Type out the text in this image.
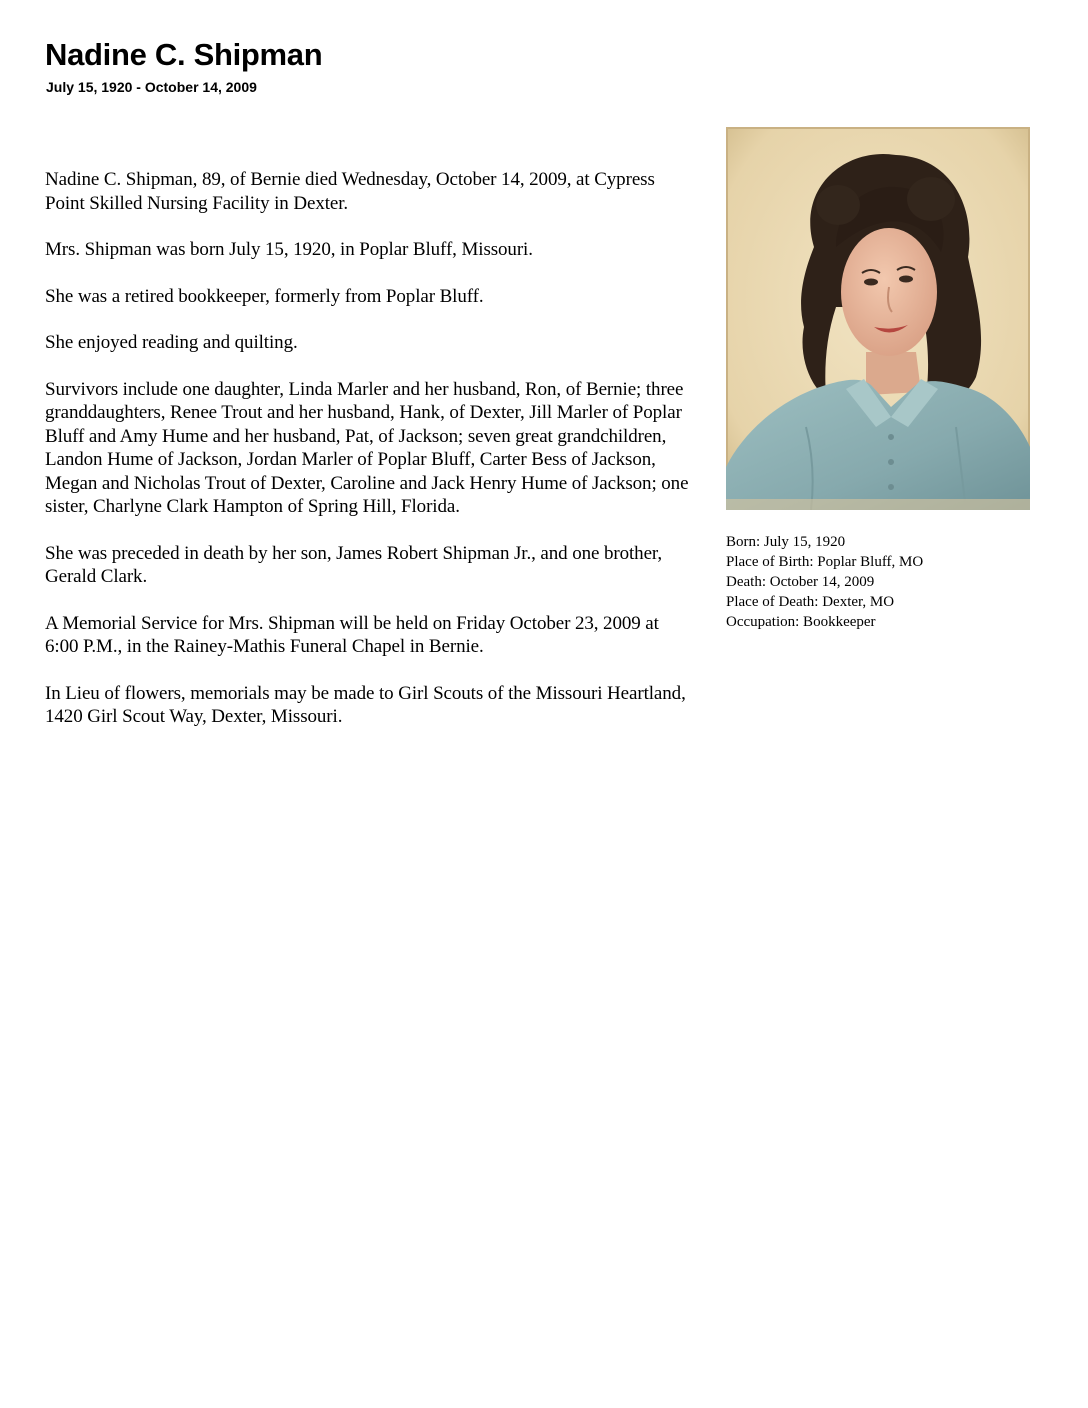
Nadine C. Shipman
July 15, 1920 - October 14, 2009

Nadine C. Shipman, 89, of Bernie died Wednesday, October 14, 2009, at Cypress Point Skilled Nursing Facility in Dexter.

Mrs. Shipman was born July 15, 1920, in Poplar Bluff, Missouri.

She was a retired bookkeeper, formerly from Poplar Bluff.

She enjoyed reading and quilting.

Survivors include one daughter, Linda Marler and her husband, Ron, of Bernie; three granddaughters, Renee Trout and her husband, Hank, of Dexter, Jill Marler of Poplar Bluff and Amy Hume and her husband, Pat, of Jackson; seven great grandchildren, Landon Hume of Jackson, Jordan Marler of Poplar Bluff, Carter Bess of Jackson, Megan and Nicholas Trout of Dexter, Caroline and Jack Henry Hume of Jackson; one sister, Charlyne Clark Hampton of Spring Hill, Florida.

She was preceded in death by her son, James Robert Shipman Jr., and one brother, Gerald Clark.

A Memorial Service for Mrs. Shipman will be held on Friday October 23, 2009 at 6:00 P.M., in the Rainey-Mathis Funeral Chapel in Bernie.

In Lieu of flowers, memorials may be made to Girl Scouts of the Missouri Heartland, 1420 Girl Scout Way, Dexter, Missouri.

Born: July 15, 1920
Place of Birth: Poplar Bluff, MO
Death: October 14, 2009
Place of Death: Dexter, MO
Occupation: Bookkeeper
